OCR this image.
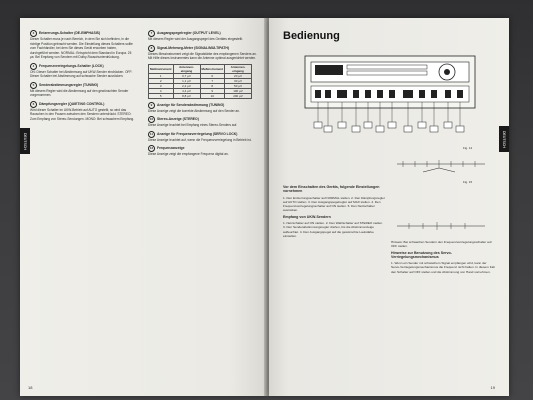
DEUTSCH
3	Entzerrungs-Schalter (DE-EMPHASIS)

Dieser Schalter muss je nach Bereich, in dem Sie sich befinden, in die richtige Position gebracht werden. Die Einstellung dieses Schalters sollte vom Fachhändler, bei dem Sie dieses Gerät erworben haben, durchgeführt werden. NORMAL: Entspricht dem Standard in Europa. 25 µs: Bei Empfang von Sendern mit Dolby-Rauschunterdrückung.

4	Frequenzverriegelungs-Schalter (LOCK)

ON: Dieser Schalter bei Abstimmung auf UKW-Sender eindrücken. OFF: Dieser Schalter bei Abstimmung auf schwache Sender ausrücken.

5	Senderabstimmungsregler (TUNING)

Mit diesem Regler wird die Abstimmung auf den gewünschten Sender vorgenommen.

6	Dämpfungsregler (QUIETING CONTROL)

Wird dieser Schalter im UKW-Betrieb auf AUTO gestellt, so wird das Rauschen in den Pausen zwischen den Sendern unterdrückt. STEREO: Zum Empfang von Stereo-Sendungen. MONO: Bei schwachem Empfang.

7	Ausgangspegelregler (OUTPUT LEVEL)

Mit diesem Regler wird der Ausgangspegel des Gerätes eingestellt.

8	Signal-Mehrweg-Meter (SIGNAL/MULTIPATH)

Dieses Messinstrument zeigt die Signalstärke des empfangenen Senders an. Mit Hilfe dieses Instrumentes kann die Antenne optimal ausgerichtet werden.

Meßinstrument	Antennen-eingang	Meßinstrument	Antennen-eingang
1	0,7 µV	6	20 µV
2	1,1 µV	7	30 µV
3	2,2 µV	8	50 µV
4	4,4 µV	9	100 µV
5	8,8 µV	10	200 µV
9	Anzeige für Senderabstimmung (TUNING)

Diese Anzeige zeigt die korrekte Abstimmung auf den Sender an.

10	Stereo-Anzeige (STEREO)

Diese Anzeige leuchtet bei Empfang eines Stereo-Senders auf.

11	Anzeige für Frequenzverriegelung (SERVO LOCK)

Diese Anzeige leuchtet auf, wenn die Frequenzverriegelung in Betrieb ist.

12	Frequenzanzeige

Diese Anzeige zeigt die empfangene Frequenz digital an.

18
DEUTSCH
Bedienung
Fig. 14
Fig. 15
Vor dem Einschalten des Geräts, folgende Einstellungen vornehmen

1. Den Entzerrungsschalter auf NORMAL stellen. 2. Den Dämpfungsregler auf AUTO stellen. 3. Den Ausgangspegelregler auf MAX stellen. 4. Den Frequenzverriegelungsschalter auf ON stellen. 5. Den Netzschalter ausrücken.

Empfang von UKW-Sendern

1. Netzschalter auf ON stellen. 2. Den Wahlschalter auf STEREO stellen. 3. Den Senderabstimmungsregler drehen, bis die Abstimmanzeige aufleuchtet. 4. Den Ausgangspegel auf die gewünschte Lautstärke einstellen.

Hinweis: Bei schwachen Sendern den Frequenzverriegelungsschalter auf OFF stellen.

Hinweise zur Benutzung des Servo-Verriegelungsmechanismus

1. Wenn ein Sender mit schwachem Signal empfangen wird, kann der Servo-Verriegelungsmechanismus die Frequenz nicht halten. In diesem Fall den Schalter auf OFF stellen und die Abstimmung von Hand vornehmen.

19
